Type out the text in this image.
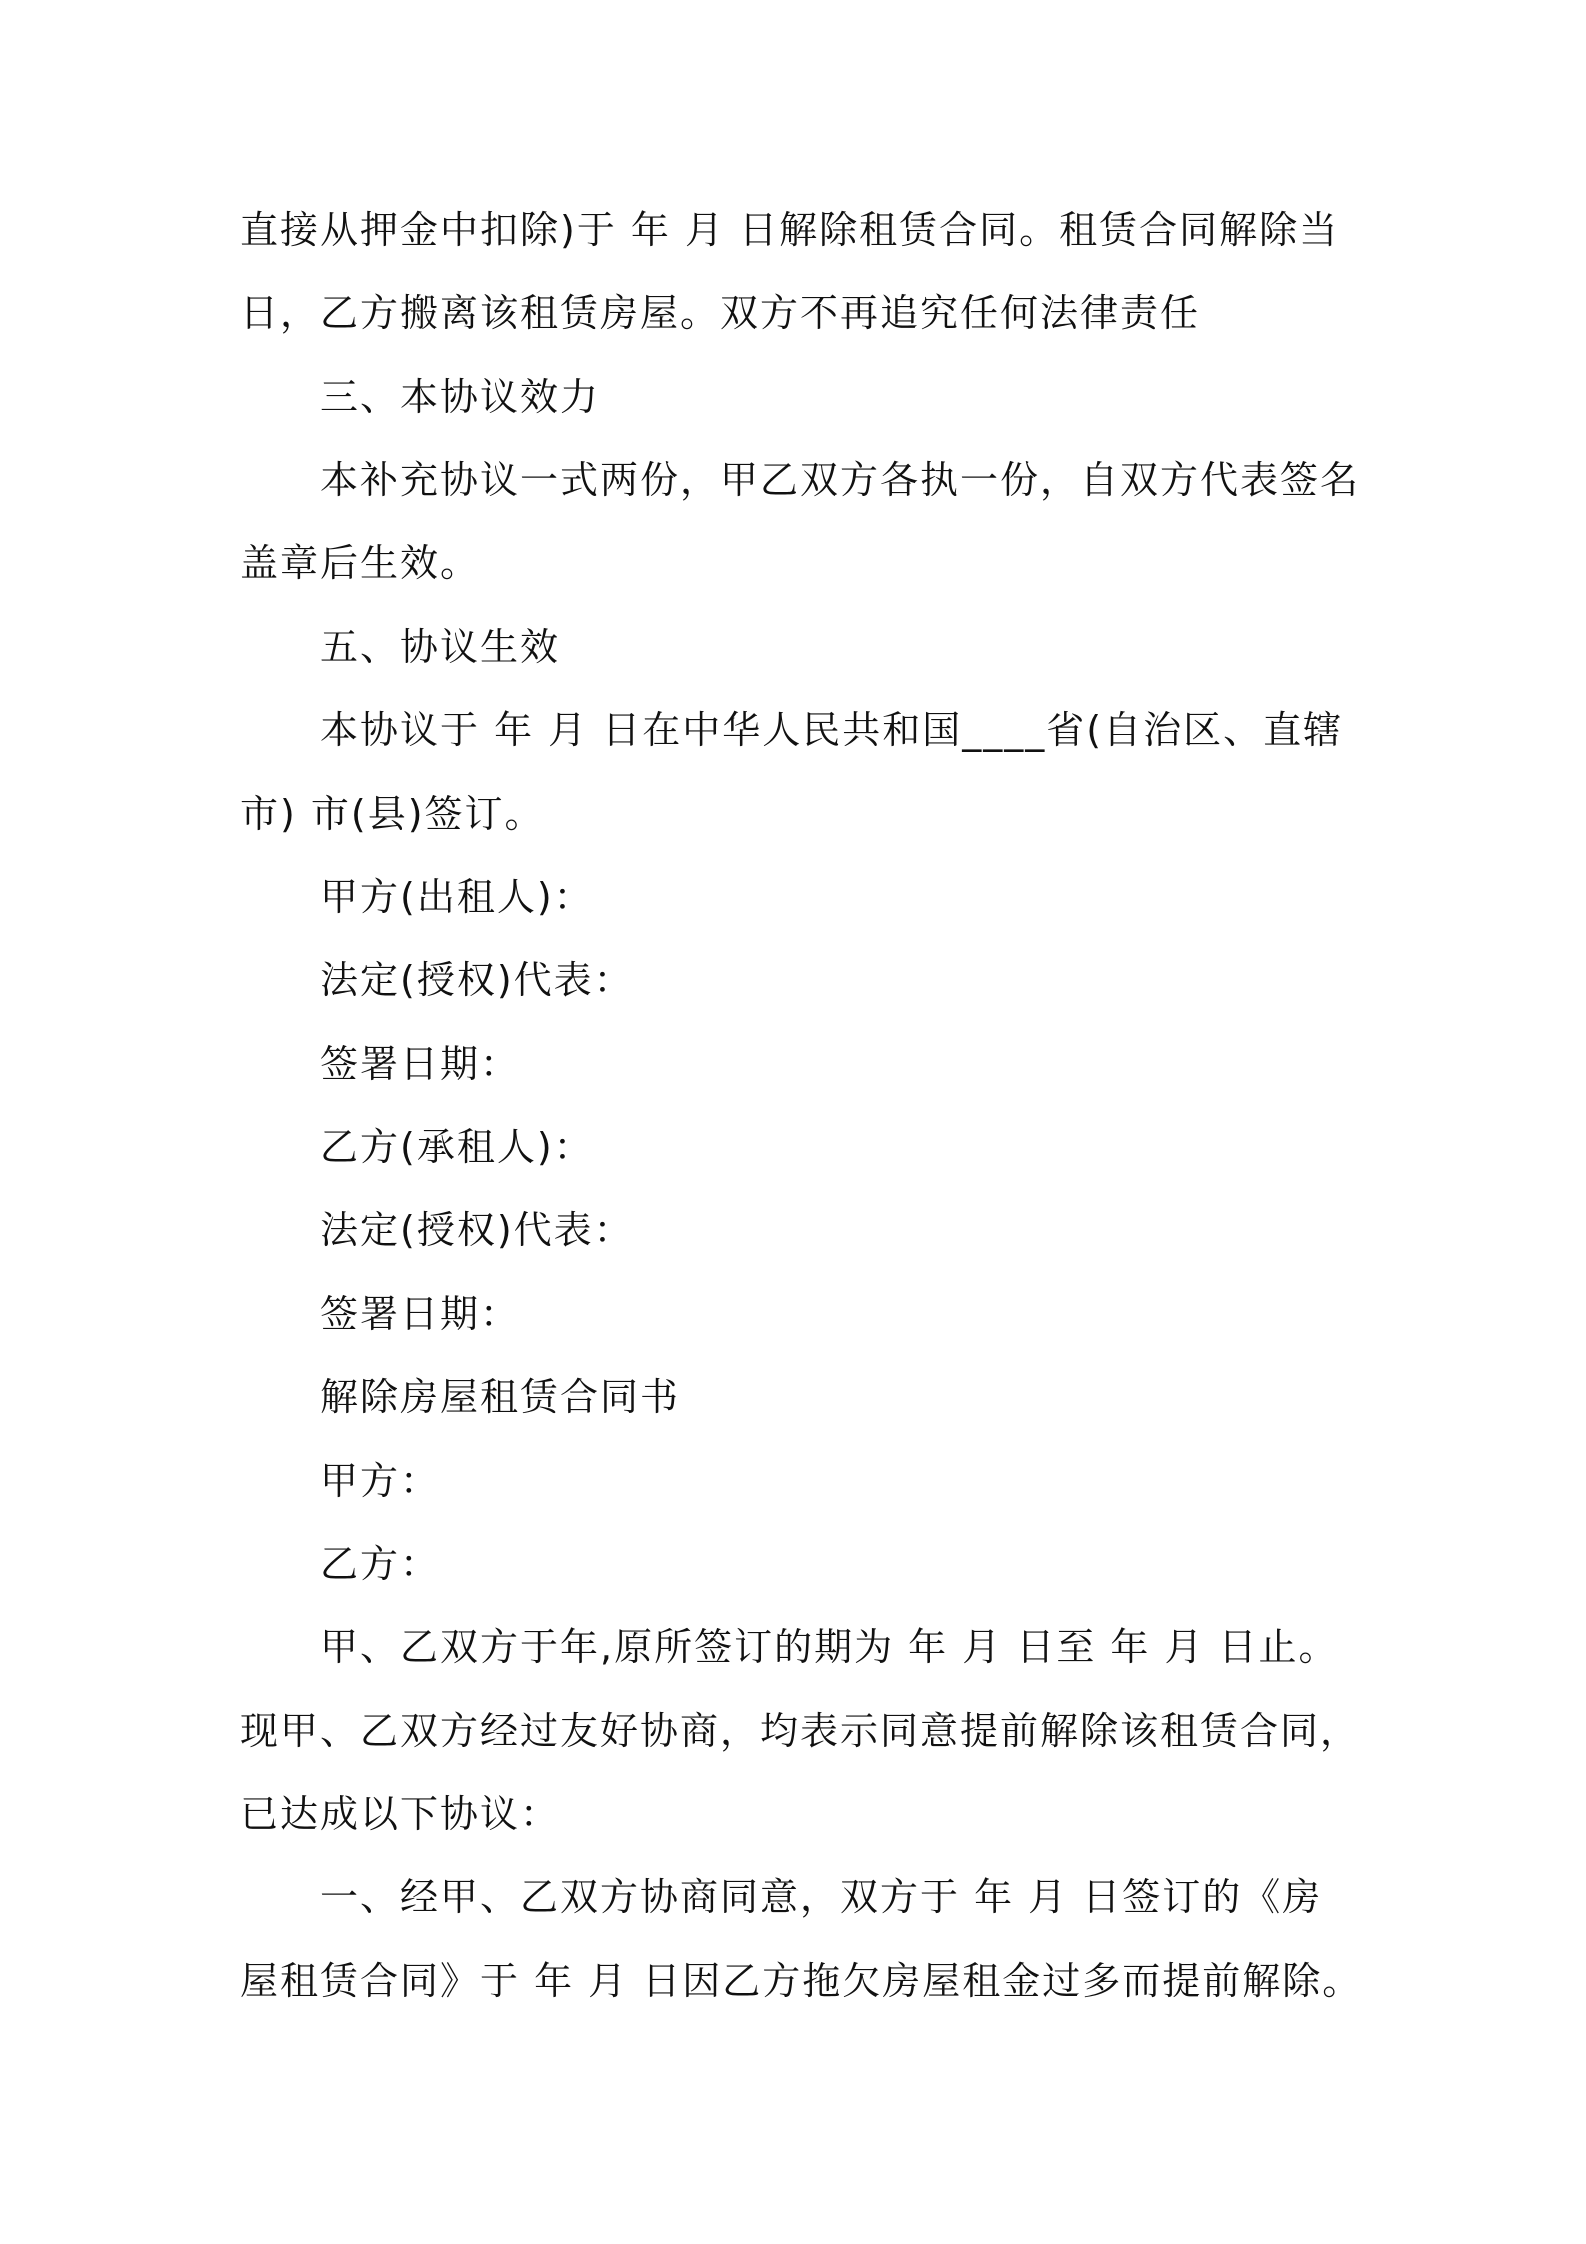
直接从押金中扣除)于 年 月 日解除租赁合同。租赁合同解除当
日，乙方搬离该租赁房屋。双方不再追究任何法律责任
三、本协议效力
本补充协议一式两份，甲乙双方各执一份，自双方代表签名
盖章后生效。
五、协议生效
本协议于 年 月 日在中华人民共和国____省(自治区、直辖
市) 市(县)签订。
甲方(出租人)：
法定(授权)代表：
签署日期：
乙方(承租人)：
法定(授权)代表：
签署日期：
解除房屋租赁合同书
甲方：
乙方：
甲、乙双方于年,原所签订的期为 年 月 日至 年 月 日止。
现甲、乙双方经过友好协商，均表示同意提前解除该租赁合同，
已达成以下协议：
一、经甲、乙双方协商同意，双方于 年 月 日签订的《房
屋租赁合同》于 年 月 日因乙方拖欠房屋租金过多而提前解除。
